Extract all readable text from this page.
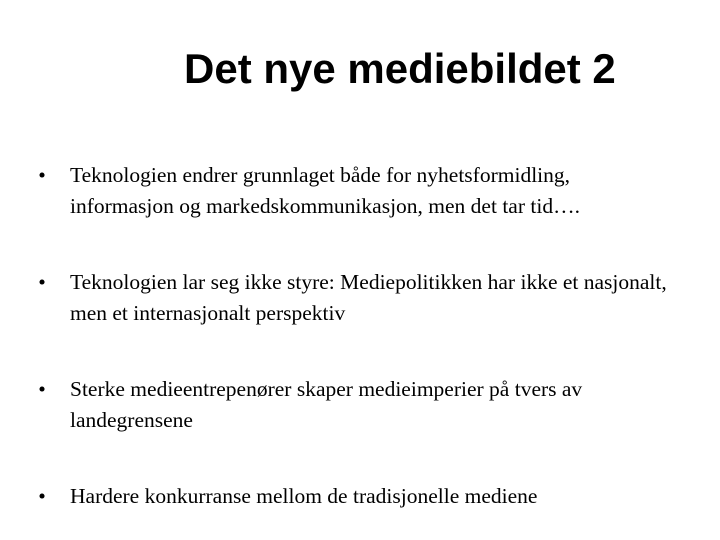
Det nye mediebildet 2
• Teknologien endrer grunnlaget både for nyhetsformidling, informasjon og markedskommunikasjon, men det tar tid….
• Teknologien lar seg ikke styre: Mediepolitikken har ikke et nasjonalt, men et internasjonalt perspektiv
• Sterke medieentrepenører skaper medieimperier på tvers av landegrensene
• Hardere konkurranse mellom de tradisjonelle mediene
